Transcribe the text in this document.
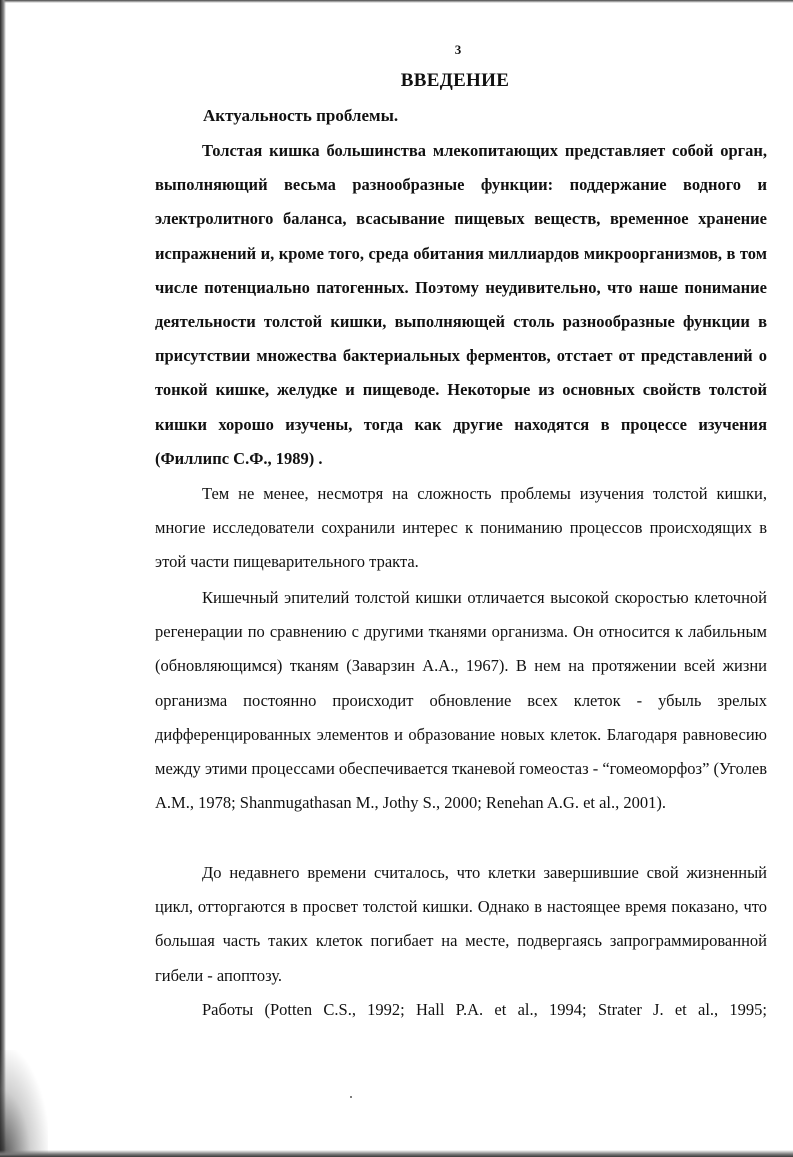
3
ВВЕДЕНИЕ
Актуальность проблемы.

Толстая кишка большинства млекопитающих представляет собой орган, выполняющий весьма разнообразные функции: поддержание водного и электролитного баланса, всасывание пищевых веществ, временное хранение испражнений и, кроме того, среда обитания миллиардов микроорганизмов, в том числе потенциально патогенных. Поэтому неудивительно, что наше понимание деятельности толстой кишки, выполняющей столь разнообразные функции в присутствии множества бактериальных ферментов, отстает от представлений о тонкой кишке, желудке и пищеводе. Некоторые из основных свойств толстой кишки хорошо изучены, тогда как другие находятся в процессе изучения (Филлипс С.Ф., 1989) .

Тем не менее, несмотря на сложность проблемы изучения толстой кишки, многие исследователи сохранили интерес к пониманию процессов происходящих в этой части пищеварительного тракта.

Кишечный эпителий толстой кишки отличается высокой скоростью клеточной регенерации по сравнению с другими тканями организма. Он относится к лабильным (обновляющимся) тканям (Заварзин А.А., 1967). В нем на протяжении всей жизни организма постоянно происходит обновление всех клеток - убыль зрелых дифференцированных элементов и образование новых клеток. Благодаря равновесию между этими процессами обеспечивается тканевой гомеостаз - “гомеоморфоз” (Уголев А.М., 1978; Shanmugathasan M., Jothy S., 2000; Renehan A.G. et al., 2001).

До недавнего времени считалось, что клетки завершившие свой жизненный цикл, отторгаются в просвет толстой кишки. Однако в настоящее время показано, что большая часть таких клеток погибает на месте, подвергаясь запрограммированной гибели - апоптозу.

Работы (Potten C.S., 1992; Hall P.A. et al., 1994; Strater J. et al., 1995;
